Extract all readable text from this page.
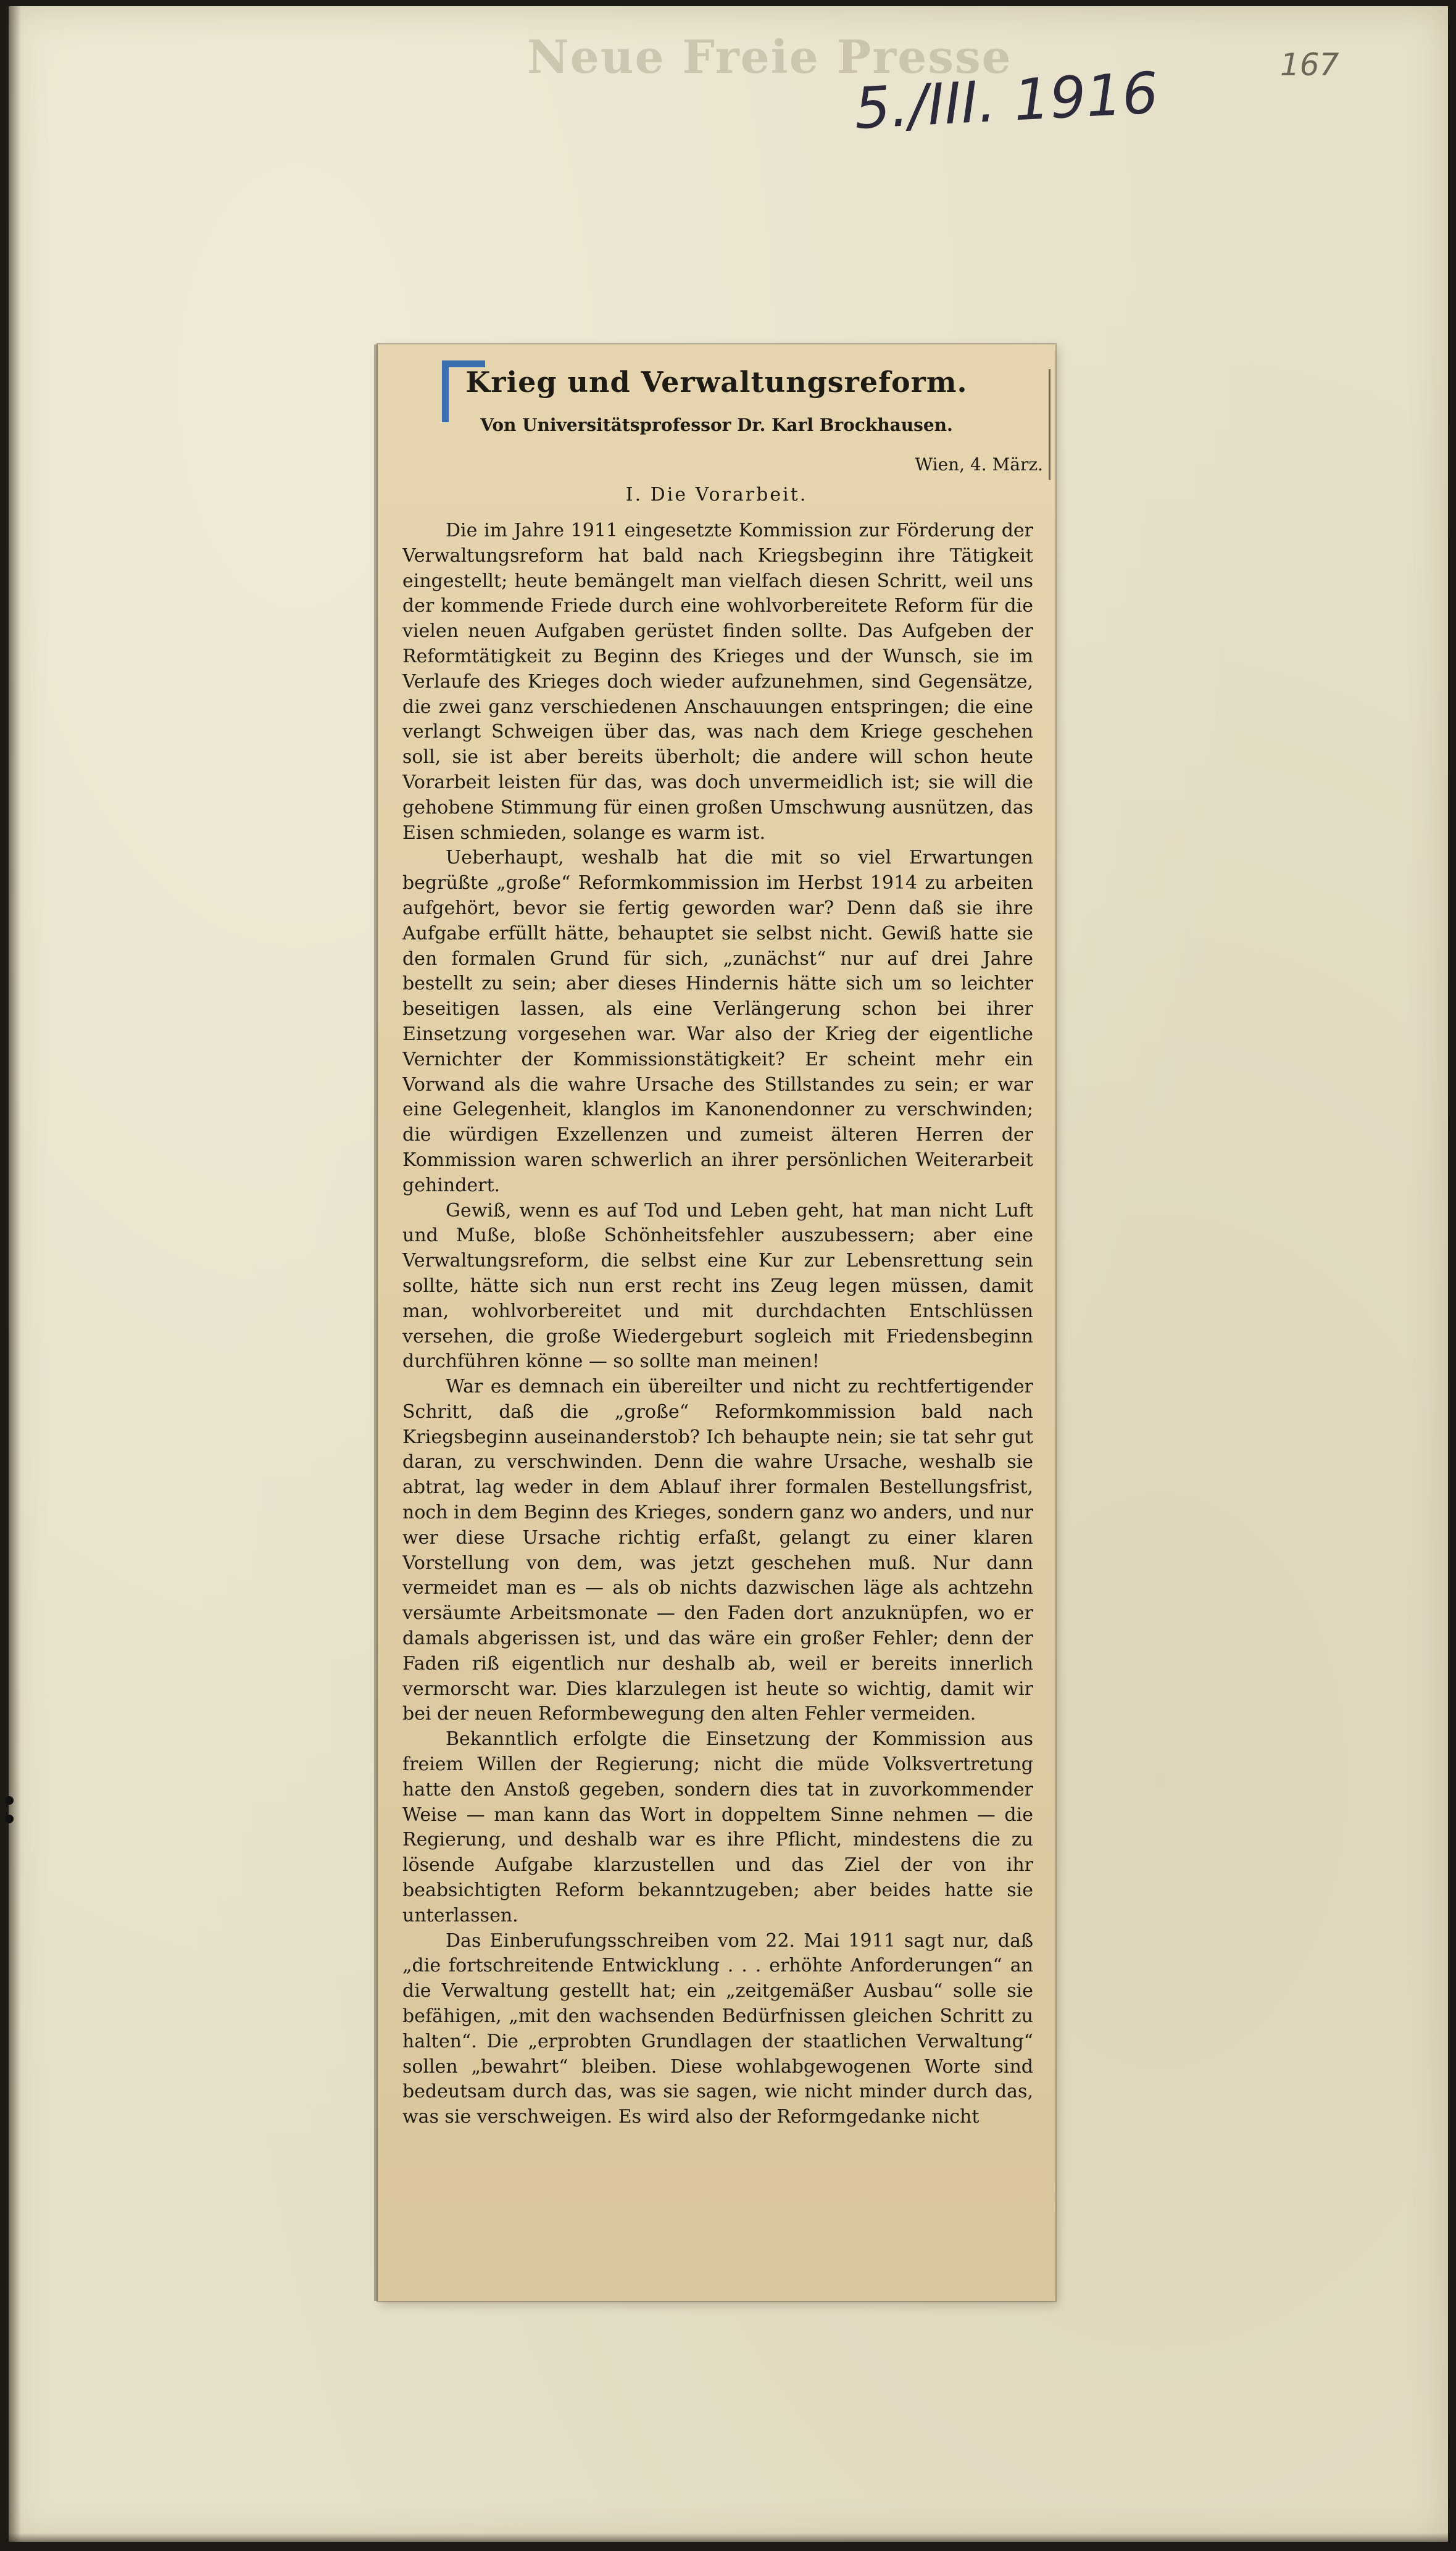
Neue Freie Presse
5./III. 1916	167
Krieg und Verwaltungsreform.
Von Universitätsprofessor Dr. Karl Brockhausen.
Wien, 4. März.
I. Die Vorarbeit.

Die im Jahre 1911 eingesetzte Kommission zur Förderung der Verwaltungsreform hat bald nach Kriegsbeginn ihre Tätigkeit eingestellt; heute bemängelt man vielfach diesen Schritt, weil uns der kommende Friede durch eine wohlvorbereitete Reform für die vielen neuen Aufgaben gerüstet finden sollte. Das Aufgeben der Reformtätigkeit zu Beginn des Krieges und der Wunsch, sie im Verlaufe des Krieges doch wieder aufzunehmen, sind Gegensätze, die zwei ganz verschiedenen Anschauungen entspringen; die eine verlangt Schweigen über das, was nach dem Kriege geschehen soll, sie ist aber bereits überholt; die andere will schon heute Vorarbeit leisten für das, was doch unvermeidlich ist; sie will die gehobene Stimmung für einen großen Umschwung ausnützen, das Eisen schmieden, solange es warm ist.

Ueberhaupt, weshalb hat die mit so viel Erwartungen begrüßte „große“ Reformkommission im Herbst 1914 zu arbeiten aufgehört, bevor sie fertig geworden war? Denn daß sie ihre Aufgabe erfüllt hätte, behauptet sie selbst nicht. Gewiß hatte sie den formalen Grund für sich, „zunächst“ nur auf drei Jahre bestellt zu sein; aber dieses Hindernis hätte sich um so leichter beseitigen lassen, als eine Verlängerung schon bei ihrer Einsetzung vorgesehen war. War also der Krieg der eigentliche Vernichter der Kommissionstätigkeit? Er scheint mehr ein Vorwand als die wahre Ursache des Stillstandes zu sein; er war eine Gelegenheit, klanglos im Kanonendonner zu verschwinden; die würdigen Exzellenzen und zumeist älteren Herren der Kommission waren schwerlich an ihrer persönlichen Weiterarbeit gehindert.

Gewiß, wenn es auf Tod und Leben geht, hat man nicht Luft und Muße, bloße Schönheitsfehler auszubessern; aber eine Verwaltungsreform, die selbst eine Kur zur Lebensrettung sein sollte, hätte sich nun erst recht ins Zeug legen müssen, damit man, wohlvorbereitet und mit durchdachten Entschlüssen versehen, die große Wiedergeburt sogleich mit Friedensbeginn durchführen könne — so sollte man meinen!

War es demnach ein übereilter und nicht zu rechtfertigender Schritt, daß die „große“ Reformkommission bald nach Kriegsbeginn auseinanderstob? Ich behaupte nein; sie tat sehr gut daran, zu verschwinden. Denn die wahre Ursache, weshalb sie abtrat, lag weder in dem Ablauf ihrer formalen Bestellungsfrist, noch in dem Beginn des Krieges, sondern ganz wo anders, und nur wer diese Ursache richtig erfaßt, gelangt zu einer klaren Vorstellung von dem, was jetzt geschehen muß. Nur dann vermeidet man es — als ob nichts dazwischen läge als achtzehn versäumte Arbeitsmonate — den Faden dort anzuknüpfen, wo er damals abgerissen ist, und das wäre ein großer Fehler; denn der Faden riß eigentlich nur deshalb ab, weil er bereits innerlich vermorscht war. Dies klarzulegen ist heute so wichtig, damit wir bei der neuen Reformbewegung den alten Fehler vermeiden.

Bekanntlich erfolgte die Einsetzung der Kommission aus freiem Willen der Regierung; nicht die müde Volksvertretung hatte den Anstoß gegeben, sondern dies tat in zuvorkommender Weise — man kann das Wort in doppeltem Sinne nehmen — die Regierung, und deshalb war es ihre Pflicht, mindestens die zu lösende Aufgabe klarzustellen und das Ziel der von ihr beabsichtigten Reform bekanntzugeben; aber beides hatte sie unterlassen.

Das Einberufungsschreiben vom 22. Mai 1911 sagt nur, daß „die fortschreitende Entwicklung . . . erhöhte Anforderungen“ an die Verwaltung gestellt hat; ein „zeitgemäßer Ausbau“ solle sie befähigen, „mit den wachsenden Bedürfnissen gleichen Schritt zu halten“. Die „erprobten Grundlagen der staatlichen Verwaltung“ sollen „bewahrt“ bleiben. Diese wohlabgewogenen Worte sind bedeutsam durch das, was sie sagen, wie nicht minder durch das, was sie verschweigen. Es wird also der Reformgedanke nicht
